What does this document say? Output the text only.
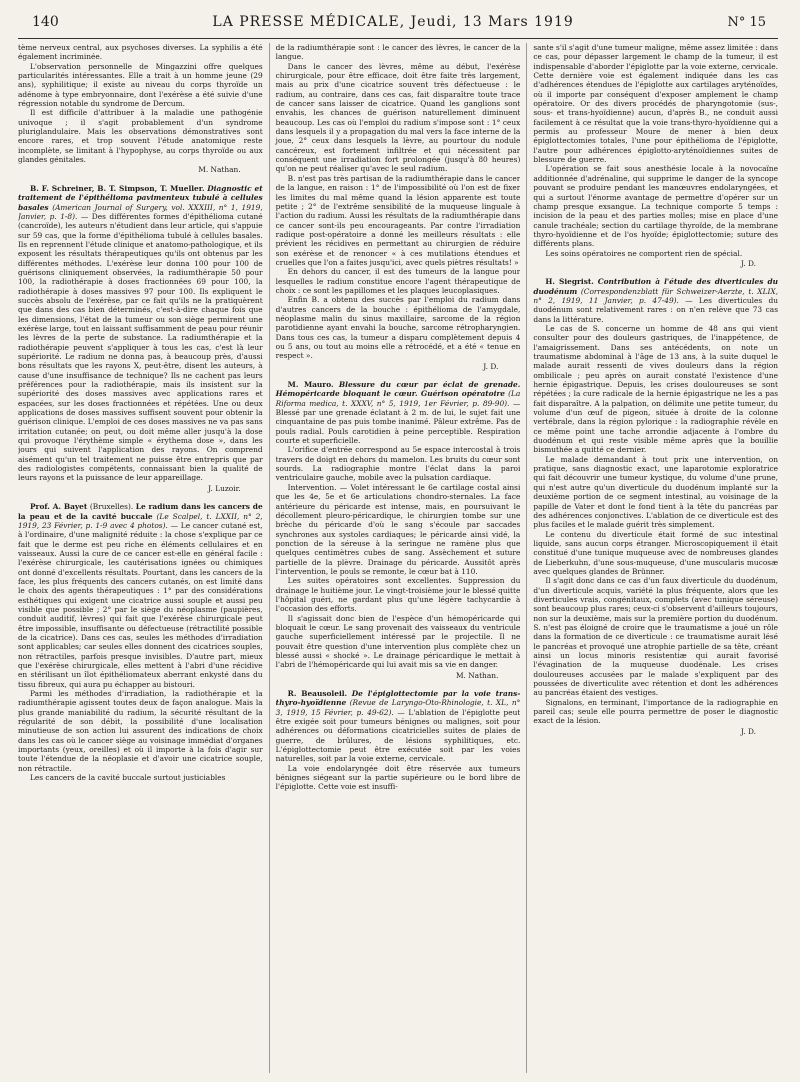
140	LA PRESSE MÉDICALE, Jeudi, 13 Mars 1919	N° 15

tème nerveux central, aux psychoses diverses. La syphilis a été également incriminée.

L'observation personnelle de Mingazzini offre quelques particularités intéressantes. Elle a trait à un homme jeune (29 ans), syphilitique; il existe au niveau du corps thyroïde un adénome à type embryonnaire, dont l'exérèse a été suivie d'une régression notable du syndrome de Dercum.

Il est difficile d'attribuer à la maladie une pathogénie univoque ; il s'agit probablement d'un syndrome pluriglandulaire. Mais les observations démonstratives sont encore rares, et trop souvent l'étude anatomique reste incomplète, se limitant à l'hypophyse, au corps thyroïde ou aux glandes génitales.

M. Nathan.

B. F. Schreiner, B. T. Simpson, T. Mueller. Diagnostic et traitement de l'épithélioma pavimenteux tubulé à cellules basales (American Journal of Surgery, vol. XXXIII, n° 1, 1919, Janvier, p. 1-8). — Des différentes formes d'épithélioma cutané (cancroïde), les auteurs n'étudient dans leur article, qui s'appuie sur 59 cas, que la forme d'épithélioma tubulé à cellules basales. Ils en reprennent l'étude clinique et anatomo-pathologique, et ils exposent les résultats thérapeutiques qu'ils ont obtenus par les différentes méthodes. L'exérèse leur donna 100 pour 100 de guérisons cliniquement observées, la radiumthérapie 50 pour 100, la radiothérapie à doses fractionnées 69 pour 100, la radiothérapie à doses massives 97 pour 100. Ils expliquent le succès absolu de l'exérèse, par ce fait qu'ils ne la pratiquèrent que dans des cas bien déterminés, c'est-à-dire chaque fois que les dimensions, l'état de la tumeur ou son siège permirent une exérèse large, tout en laissant suffisamment de peau pour réunir les lèvres de la perte de substance. La radiumthérapie et la radiothérapie peuvent s'appliquer à tous les cas, c'est là leur supériorité. Le radium ne donna pas, à beaucoup près, d'aussi bons résultats que les rayons X, peut-être, disent les auteurs, à cause d'une insuffisance de technique? Ils ne cachent pas leurs préférences pour la radiothérapie, mais ils insistent sur la supériorité des doses massives avec applications rares et espacées, sur les doses fractionnées et répétées. Une ou deux applications de doses massives suffisent souvent pour obtenir la guérison clinique. L'emploi de ces doses massives ne va pas sans irritation cutanée; on peut, ou doit même aller jusqu'à la dose qui provoque l'érythème simple « érythema dose », dans les jours qui suivent l'application des rayons. On comprend aisément qu'un tel traitement ne puisse être entrepris que par des radiologistes compétents, connaissant bien la qualité de leurs rayons et la puissance de leur appareillage.

J. Luzoir.

Prof. A. Bayet (Bruxelles). Le radium dans les cancers de la peau et de la cavité buccale (Le Scalpel, t. LXXII, n° 2, 1919, 23 Février, p. 1-9 avec 4 photos). — Le cancer cutané est, à l'ordinaire, d'une malignité réduite : la chose s'explique par ce fait que le derme est peu riche en éléments cellulaires et en vaisseaux. Aussi la cure de ce cancer est-elle en général facile : l'exérèse chirurgicale, les cautérisations ignées ou chimiques ont donné d'excellents résultats. Pourtant, dans les cancers de la face, les plus fréquents des cancers cutanés, on est limité dans le choix des agents thérapeutiques : 1° par des considérations esthétiques qui exigent une cicatrice aussi souple et aussi peu visible que possible ; 2° par le siège du néoplasme (paupières, conduit auditif, lèvres) qui fait que l'exérèse chirurgicale peut être impossible, insuffisante ou défectueuse (rétractilité possible de la cicatrice). Dans ces cas, seules les méthodes d'irradiation sont applicables; car seules elles donnent des cicatrices souples, non rétractiles, parfois presque invisibles. D'autre part, mieux que l'exérèse chirurgicale, elles mettent à l'abri d'une récidive en stérilisant un îlot épithéliomateux aberrant enkysté dans du tissu fibreux, qui aura pu échapper au bistouri.

Parmi les méthodes d'irradiation, la radiothérapie et la radiumthérapie agissent toutes deux de façon analogue. Mais la plus grande maniabilité du radium, la sécurité résultant de la régularité de son débit, la possibilité d'une localisation minutieuse de son action lui assurent des indications de choix dans les cas où le cancer siège au voisinage immédiat d'organes importants (yeux, oreilles) et où il importe à la fois d'agir sur toute l'étendue de la néoplasie et d'avoir une cicatrice souple, non rétractile.

Les cancers de la cavité buccale surtout justiciables

de la radiumthérapie sont : le cancer des lèvres, le cancer de la langue.

Dans le cancer des lèvres, même au début, l'exérèse chirurgicale, pour être efficace, doit être faite très largement, mais au prix d'une cicatrice souvent très défectueuse : le radium, au contraire, dans ces cas, fait disparaître toute trace de cancer sans laisser de cicatrice. Quand les ganglions sont envahis, les chances de guérison naturellement diminuent beaucoup. Les cas où l'emploi du radium s'impose sont : 1° ceux dans lesquels il y a propagation du mal vers la face interne de la joue, 2° ceux dans lesquels la lèvre, au pourtour du nodule cancéreux, est fortement infiltrée et qui nécessitent par conséquent une irradiation fort prolongée (jusqu'à 80 heures) qu'on ne peut réaliser qu'avec le seul radium.

B. n'est pas très partisan de la radiumthérapie dans le cancer de la langue, en raison : 1° de l'impossibilité où l'on est de fixer les limites du mal même quand la lésion apparente est toute petite ; 2° de l'extrême sensibilité de la muqueuse linguale à l'action du radium. Aussi les résultats de la radiumthérapie dans ce cancer sont-ils peu encourageants. Par contre l'irradiation radique post-opératoire a donné les meilleurs résultats : elle prévient les récidives en permettant au chirurgien de réduire son exérèse et de renoncer « à ces mutilations étendues et cruelles que l'on a faites jusqu'ici, avec quels piètres résultats! »

En dehors du cancer, il est des tumeurs de la langue pour lesquelles le radium constitue encore l'agent thérapeutique de choix : ce sont les papillomes et les plaques leucoplasiques.

Enfin B. a obtenu des succès par l'emploi du radium dans d'autres cancers de la bouche : épithélioma de l'amygdale, néoplasme malin du sinus maxillaire, sarcome de la région parotidienne ayant envahi la bouche, sarcome rétropharyngien. Dans tous ces cas, la tumeur a disparu complètement depuis 4 ou 5 ans, ou tout au moins elle a rétrocédé, et a été « tenue en respect ».

J. D.

M. Mauro. Blessure du cœur par éclat de grenade. Hémopéricarde bloquant le cœur. Guérison opératoire (La Riforma medica, t. XXXV, n° 5, 1919, 1er Février, p. 89-90). — Blessé par une grenade éclatant à 2 m. de lui, le sujet fait une cinquantaine de pas puis tombe inanimé. Pâleur extrême. Pas de pouls radial. Pouls carotidien à peine perceptible. Respiration courte et superficielle.

L'orifice d'entrée correspond au 5e espace intercostal à trois travers de doigt en dehors du mamelon. Les bruits du cœur sont sourds. La radiographie montre l'éclat dans la paroi ventriculaire gauche, mobile avec la pulsation cardiaque.

Intervention. — Volet intéressant le 6e cartilage costal ainsi que les 4e, 5e et 6e articulations chondro-sternales. La face antérieure du péricarde est intense, mais, en poursuivant le décollement pleuro-péricardique, le chirurgien tombe sur une brèche du péricarde d'où le sang s'écoule par saccades synchrones aux systoles cardiaques; le péricarde ainsi vidé, la ponction de la séreuse à la seringue ne ramène plus que quelques centimètres cubes de sang. Assèchement et suture partielle de la plèvre. Drainage du péricarde. Aussitôt après l'intervention, le pouls se remonte, le cœur bat à 110.

Les suites opératoires sont excellentes. Suppression du drainage le huitième jour. Le vingt-troisième jour le blessé quitte l'hôpital guéri, ne gardant plus qu'une légère tachycardie à l'occasion des efforts.

Il s'agissait donc bien de l'espèce d'un hémopéricarde qui bloquait le cœur. Le sang provenait des vaisseaux du ventricule gauche superficiellement intéressé par le projectile. Il ne pouvait être question d'une intervention plus complète chez un blessé aussi « shocké ». Le drainage péricardique le mettait à l'abri de l'hémopéricarde qui lui avait mis sa vie en danger.

M. Nathan.

R. Beausoleil. De l'épiglottectomie par la voie trans-thyro-hyoïdienne (Revue de Laryngo-Oto-Rhinologie, t. XL, n° 3, 1919, 15 Février, p. 49-62). — L'ablation de l'épiglotte peut être exigée soit pour tumeurs bénignes ou malignes, soit pour adhérences ou déformations cicatricielles suites de plaies de guerre, de brûlures, de lésions syphilitiques, etc. L'épiglottectomie peut être exécutée soit par les voies naturelles, soit par la voie externe, cervicale.

La voie endolaryngée doit être réservée aux tumeurs bénignes siégeant sur la partie supérieure ou le bord libre de l'épiglotte. Cette voie est insuffi-

sante s'il s'agit d'une tumeur maligne, même assez limitée : dans ce cas, pour dépasser largement le champ de la tumeur, il est indispensable d'aborder l'épiglotte par la voie externe, cervicale. Cette dernière voie est également indiquée dans les cas d'adhérences étendues de l'épiglotte aux cartilages aryténoïdes, où il importe par conséquent d'exposer amplement le champ opératoire. Or des divers procédés de pharyngotomie (sus-, sous- et trans-hyoïdienne) aucun, d'après B., ne conduit aussi facilement à ce résultat que la voie trans-thyro-hyoïdienne qui a permis au professeur Moure de mener à bien deux épiglottectomies totales, l'une pour épithélioma de l'épiglotte, l'autre pour adhérences épiglotto-aryténoïdiennes suites de blessure de guerre.

L'opération se fait sous anesthésie locale à la novocaïne additionnée d'adrénaline, qui supprime le danger de la syncope pouvant se produire pendant les manœuvres endolaryngées, et qui a surtout l'énorme avantage de permettre d'opérer sur un champ presque exsangue. La technique comporte 5 temps : incision de la peau et des parties molles; mise en place d'une canule trachéale; section du cartilage thyroïde, de la membrane thyro-hyoïdienne et de l'os hyoïde; épiglottectomie; suture des différents plans.

Les soins opératoires ne comportent rien de spécial.

J. D.

H. Siegrist. Contribution à l'étude des diverticules du duodénum (Correspondenzblatt für Schweizer-Aerzte, t. XLIX, n° 2, 1919, 11 Janvier, p. 47-49). — Les diverticules du duodénum sont relativement rares : on n'en relève que 73 cas dans la littérature.

Le cas de S. concerne un homme de 48 ans qui vient consulter pour des douleurs gastriques, de l'inappétence, de l'amaigrissement. Dans ses antécédents, on note un traumatisme abdominal à l'âge de 13 ans, à la suite duquel le malade aurait ressenti de vives douleurs dans la région ombilicale ; peu après on aurait constaté l'existence d'une hernie épigastrique. Depuis, les crises douloureuses se sont répétées ; la cure radicale de la hernie épigastrique ne les a pas fait disparaître. A la palpation, on délimite une petite tumeur, du volume d'un œuf de pigeon, située à droite de la colonne vertébrale, dans la région pylorique : la radiographie révèle en ce même point une tache arrondie adjacente à l'ombre du duodénum et qui reste visible même après que la bouillie bismuthée a quitté ce dernier.

Le malade demandant à tout prix une intervention, on pratique, sans diagnostic exact, une laparotomie exploratrice qui fait découvrir une tumeur kystique, du volume d'une prune, qui n'est autre qu'un diverticule du duodénum implanté sur la deuxième portion de ce segment intestinal, au voisinage de la papille de Vater et dont le fond tient à la tête du pancréas par des adhérences conjonctives. L'ablation de ce diverticule est des plus faciles et le malade guérit très simplement.

Le contenu du diverticule était formé de suc intestinal liquide, sans aucun corps étranger. Microscopiquement il était constitué d'une tunique muqueuse avec de nombreuses glandes de Lieberkuhn, d'une sous-muqueuse, d'une muscularis mucosæ avec quelques glandes de Brünner.

Il s'agit donc dans ce cas d'un faux diverticule du duodénum, d'un diverticule acquis, variété la plus fréquente, alors que les diverticules vrais, congénitaux, complets (avec tunique séreuse) sont beaucoup plus rares; ceux-ci s'observent d'ailleurs toujours, non sur la deuxième, mais sur la première portion du duodénum. S. n'est pas éloigné de croire que le traumatisme a joué un rôle dans la formation de ce diverticule : ce traumatisme aurait lésé le pancréas et provoqué une atrophie partielle de sa tête, créant ainsi un locus minoris resistentiæ qui aurait favorisé l'évagination de la muqueuse duodénale. Les crises douloureuses accusées par le malade s'expliquent par des poussées de diverticulite avec rétention et dont les adhérences au pancréas étaient des vestiges.

Signalons, en terminant, l'importance de la radiographie en pareil cas; seule elle pourra permettre de poser le diagnostic exact de la lésion.

J. D.
